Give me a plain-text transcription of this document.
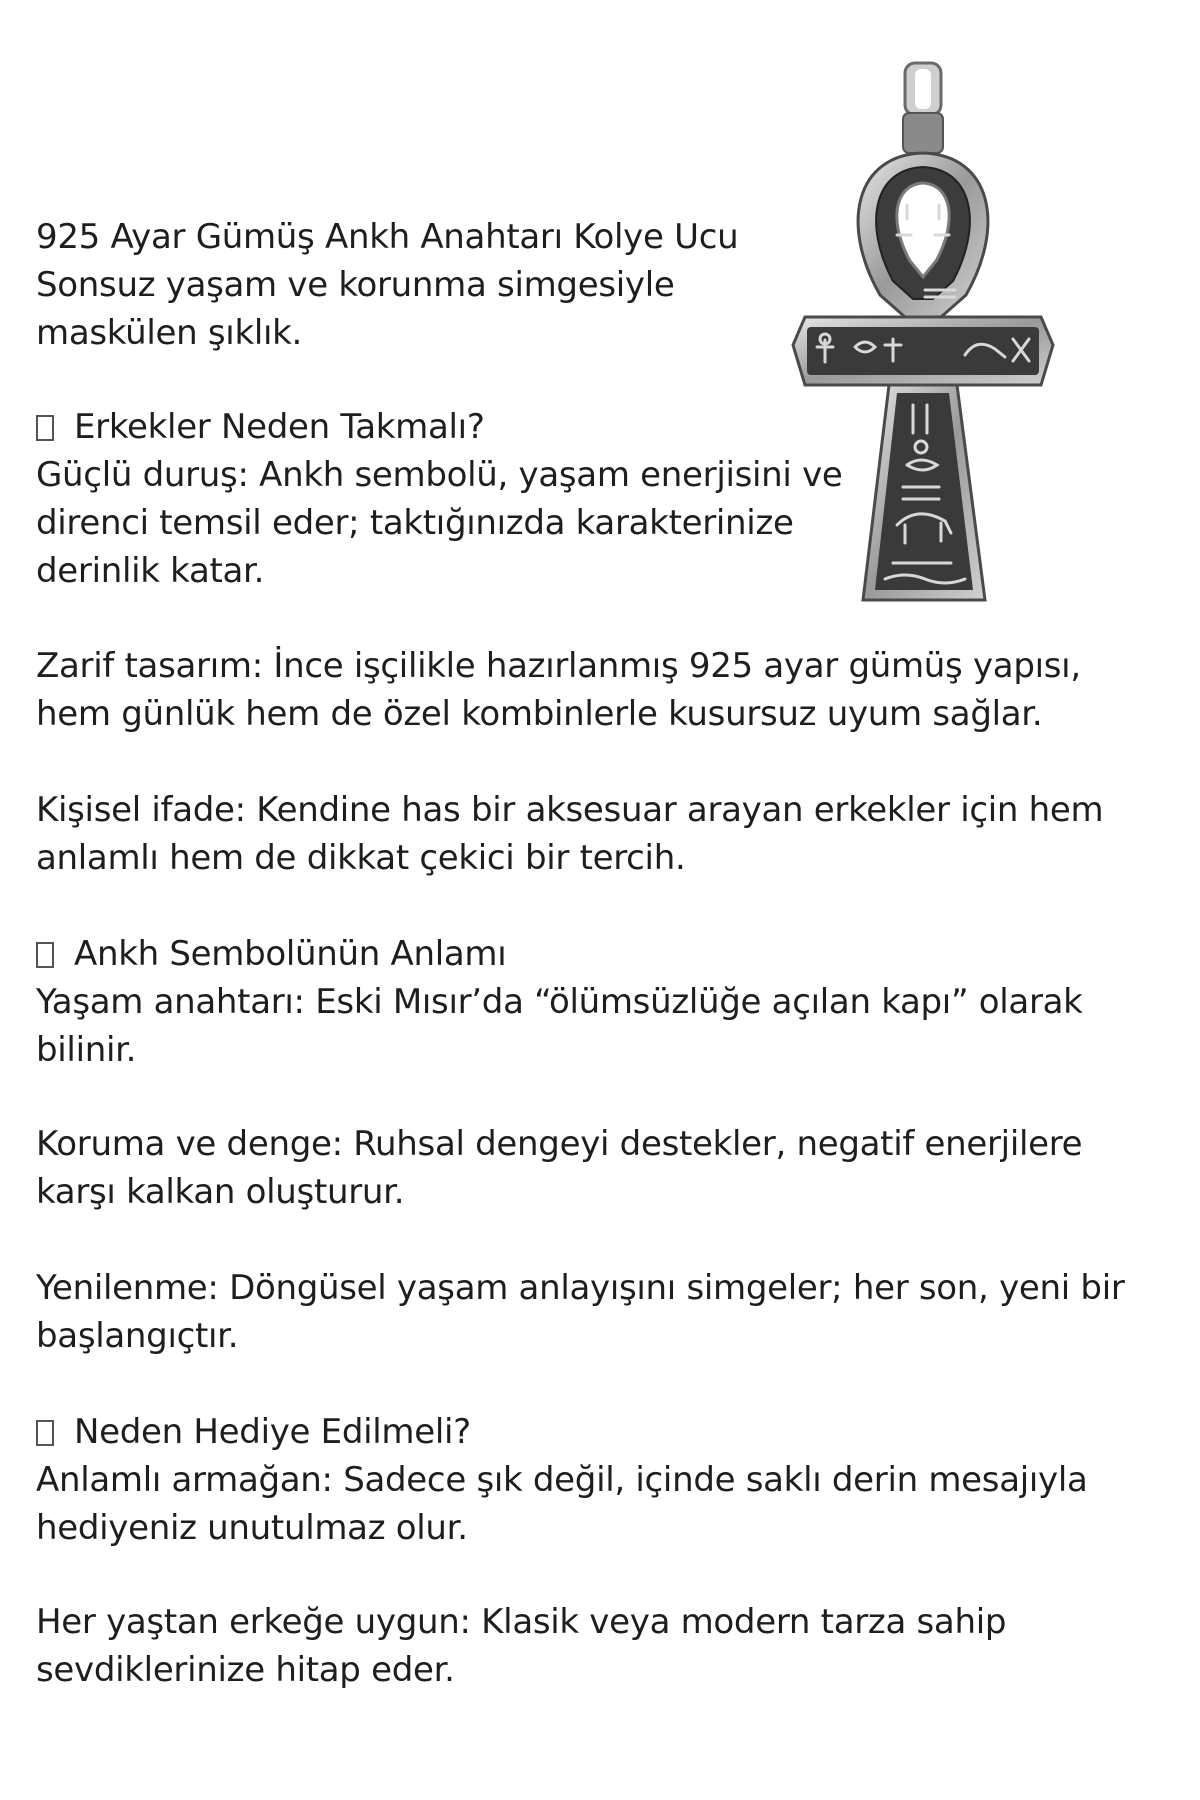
925 Ayar Gümüş Ankh Anahtarı Kolye Ucu
Sonsuz yaşam ve korunma simgesiyle
maskülen şıklık.
Erkekler Neden Takmalı?
Güçlü duruş: Ankh sembolü, yaşam enerjisini ve
direnci temsil eder; taktığınızda karakterinize
derinlik katar.
Zarif tasarım: İnce işçilikle hazırlanmış 925 ayar gümüş yapısı,
hem günlük hem de özel kombinlerle kusursuz uyum sağlar.
Kişisel ifade: Kendine has bir aksesuar arayan erkekler için hem
anlamlı hem de dikkat çekici bir tercih.
Ankh Sembolünün Anlamı
Yaşam anahtarı: Eski Mısır’da “ölümsüzlüğe açılan kapı” olarak
bilinir.
Koruma ve denge: Ruhsal dengeyi destekler, negatif enerjilere
karşı kalkan oluşturur.
Yenilenme: Döngüsel yaşam anlayışını simgeler; her son, yeni bir
başlangıçtır.
Neden Hediye Edilmeli?
Anlamlı armağan: Sadece şık değil, içinde saklı derin mesajıyla
hediyeniz unutulmaz olur.
Her yaştan erkeğe uygun: Klasik veya modern tarza sahip
sevdiklerinize hitap eder.
